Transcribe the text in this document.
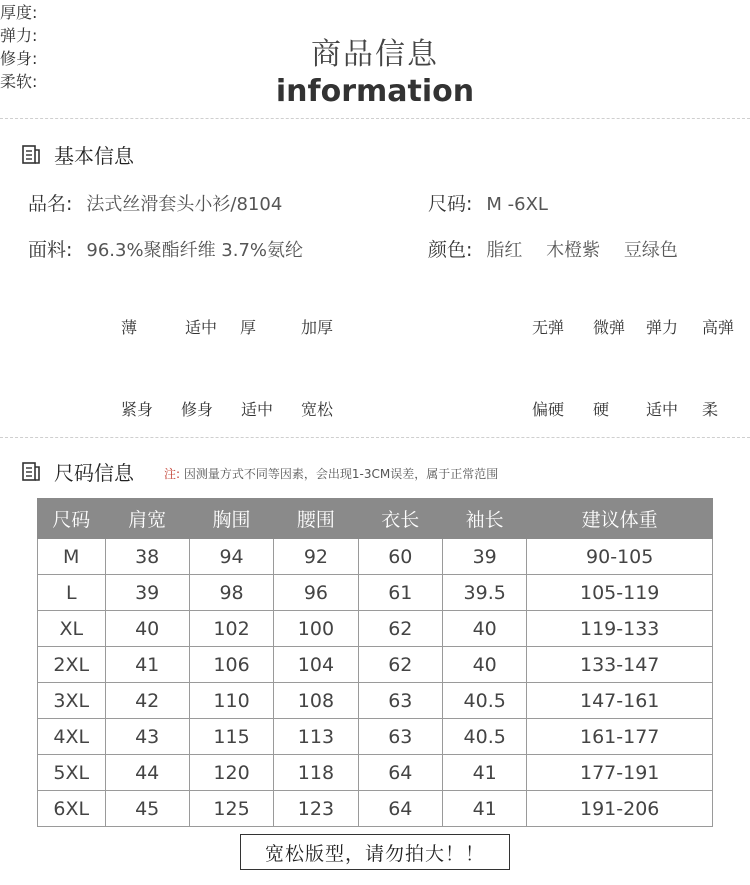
商品信息
information
基本信息
品名: 法式丝滑套头小衫/8104	尺码: M -6XL
面料: 96.3%聚酯纤维 3.7%氨纶	颜色: 脂红 木橙紫 豆绿色
尺码信息	注: 因测量方式不同等因素，会出现1-3CM误差，属于正常范围
尺码	肩宽	胸围	腰围	衣长	袖长	建议体重
M	38	94	92	60	39	90-105
L	39	98	96	61	39.5	105-119
XL	40	102	100	62	40	119-133
2XL	41	106	104	62	40	133-147
3XL	42	110	108	63	40.5	147-161
4XL	43	115	113	63	40.5	161-177
5XL	44	120	118	64	41	177-191
6XL	45	125	123	64	41	191-206
宽松版型，请勿拍大！！
厚度:
薄	适中 厚	加厚
弹力:
无弹 微弹 弹力 高弹
修身:
紧身 修身 适中 宽松
柔软:
偏硬 硬 适中 柔
